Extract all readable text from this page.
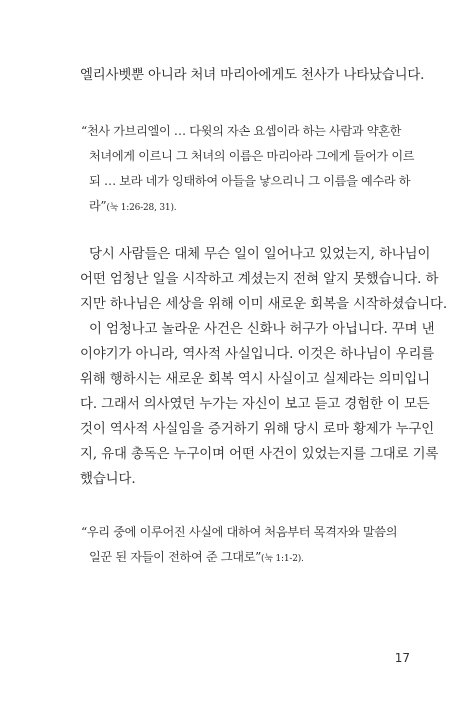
엘리사벳뿐 아니라 처녀 마리아에게도 천사가 나타났습니다.
“천사 가브리엘이 … 다윗의 자손 요셉이라 하는 사람과 약혼한
처녀에게 이르니 그 처녀의 이름은 마리아라 그에게 들어가 이르
되 … 보라 네가 잉태하여 아들을 낳으리니 그 이름을 예수라 하
라”(눅 1:26-28, 31).
당시 사람들은 대체 무슨 일이 일어나고 있었는지, 하나님이
어떤 엄청난 일을 시작하고 계셨는지 전혀 알지 못했습니다. 하
지만 하나님은 세상을 위해 이미 새로운 회복을 시작하셨습니다.
이 엄청나고 놀라운 사건은 신화나 허구가 아닙니다. 꾸며 낸
이야기가 아니라, 역사적 사실입니다. 이것은 하나님이 우리를
위해 행하시는 새로운 회복 역시 사실이고 실제라는 의미입니
다. 그래서 의사였던 누가는 자신이 보고 듣고 경험한 이 모든
것이 역사적 사실임을 증거하기 위해 당시 로마 황제가 누구인
지, 유대 총독은 누구이며 어떤 사건이 있었는지를 그대로 기록
했습니다.
“우리 중에 이루어진 사실에 대하여 처음부터 목격자와 말씀의
일꾼 된 자들이 전하여 준 그대로”(눅 1:1-2).
17
